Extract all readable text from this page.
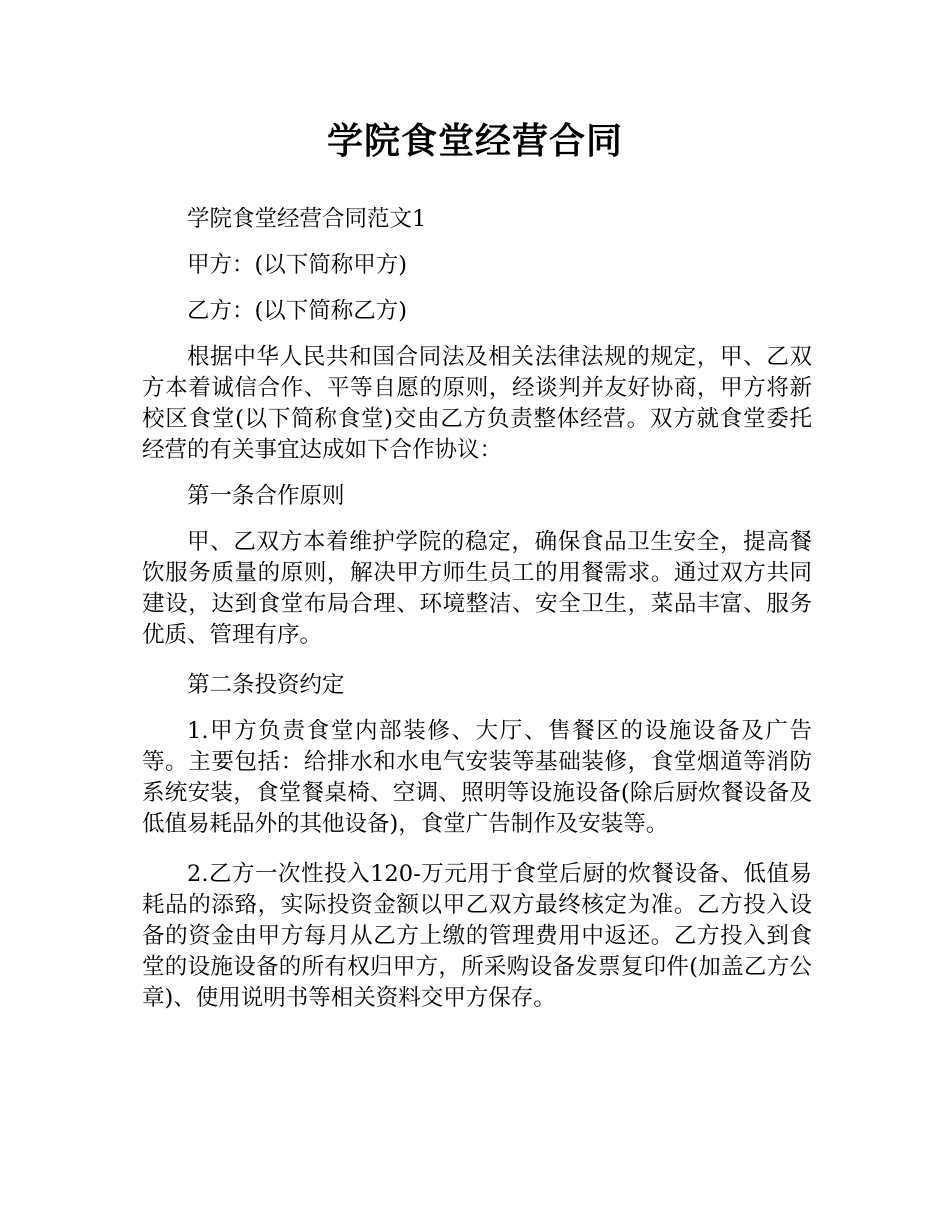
学院食堂经营合同

学院食堂经营合同范文1

甲方：(以下简称甲方)

乙方：(以下简称乙方)

根据中华人民共和国合同法及相关法律法规的规定，甲、乙双方本着诚信合作、平等自愿的原则，经谈判并友好协商，甲方将新校区食堂(以下简称食堂)交由乙方负责整体经营。双方就食堂委托经营的有关事宜达成如下合作协议：

第一条合作原则

甲、乙双方本着维护学院的稳定，确保食品卫生安全，提高餐饮服务质量的原则，解决甲方师生员工的用餐需求。通过双方共同建设，达到食堂布局合理、环境整洁、安全卫生，菜品丰富、服务优质、管理有序。

第二条投资约定

1.甲方负责食堂内部装修、大厅、售餐区的设施设备及广告等。主要包括：给排水和水电气安装等基础装修，食堂烟道等消防系统安装，食堂餐桌椅、空调、照明等设施设备(除后厨炊餐设备及低值易耗品外的其他设备)，食堂广告制作及安装等。

2.乙方一次性投入120-万元用于食堂后厨的炊餐设备、低值易耗品的添臵，实际投资金额以甲乙双方最终核定为准。乙方投入设备的资金由甲方每月从乙方上缴的管理费用中返还。乙方投入到食堂的设施设备的所有权归甲方，所采购设备发票复印件(加盖乙方公章)、使用说明书等相关资料交甲方保存。
